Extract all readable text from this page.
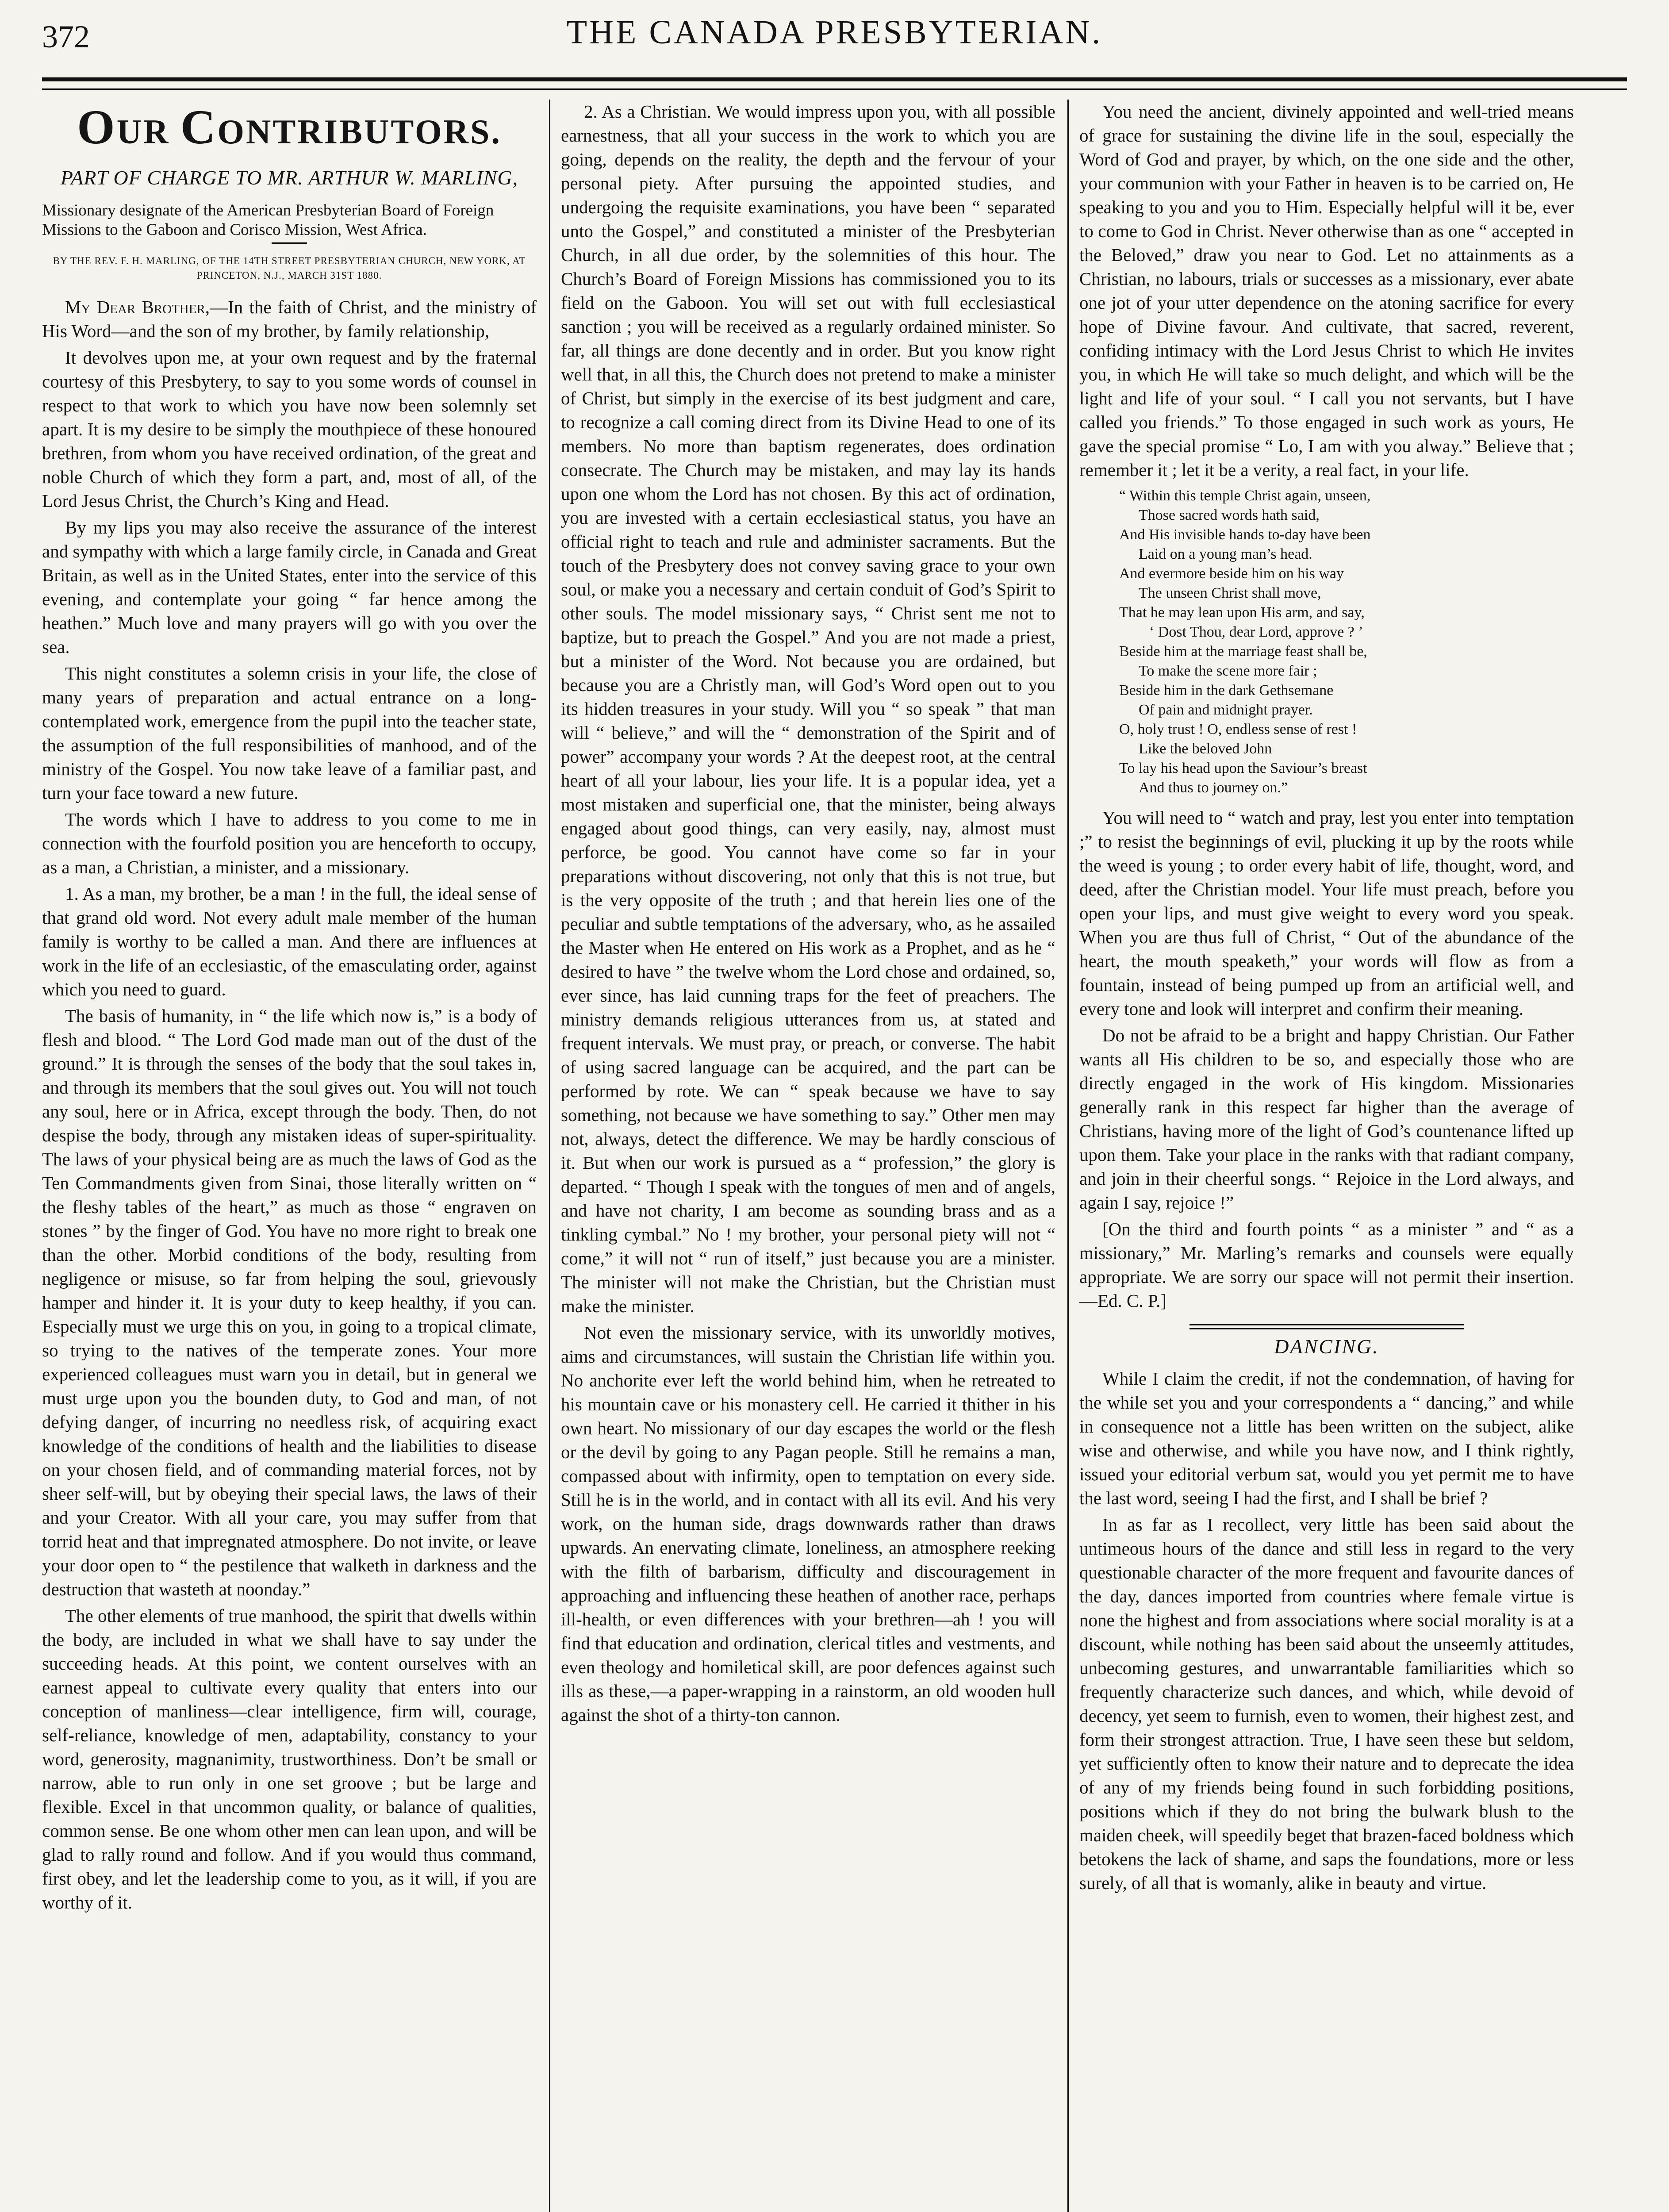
372	THE CANADA PRESBYTERIAN.
OUR CONTRIBUTORS.
PART OF CHARGE TO MR. ARTHUR W. MARLING,

Missionary designate of the American Presbyterian Board of Foreign Missions to the Gaboon and Corisco Mission, West Africa.

BY THE REV. F. H. MARLING, OF THE 14TH STREET PRESBYTERIAN CHURCH, NEW YORK, AT PRINCETON, N.J., MARCH 31ST 1880.

My Dear Brother,—In the faith of Christ, and the ministry of His Word—and the son of my brother, by family relationship,

It devolves upon me, at your own request and by the fraternal courtesy of this Presbytery, to say to you some words of counsel in respect to that work to which you have now been solemnly set apart. It is my desire to be simply the mouthpiece of these honoured brethren, from whom you have received ordination, of the great and noble Church of which they form a part, and, most of all, of the Lord Jesus Christ, the Church’s King and Head.

By my lips you may also receive the assurance of the interest and sympathy with which a large family circle, in Canada and Great Britain, as well as in the United States, enter into the service of this evening, and contemplate your going “ far hence among the heathen.” Much love and many prayers will go with you over the sea.

This night constitutes a solemn crisis in your life, the close of many years of preparation and actual entrance on a long-contemplated work, emergence from the pupil into the teacher state, the assumption of the full responsibilities of manhood, and of the ministry of the Gospel. You now take leave of a familiar past, and turn your face toward a new future.

The words which I have to address to you come to me in connection with the fourfold position you are henceforth to occupy, as a man, a Christian, a minister, and a missionary.

1. As a man, my brother, be a man ! in the full, the ideal sense of that grand old word. Not every adult male member of the human family is worthy to be called a man. And there are influences at work in the life of an ecclesiastic, of the emasculating order, against which you need to guard.

The basis of humanity, in “ the life which now is,” is a body of flesh and blood. “ The Lord God made man out of the dust of the ground.” It is through the senses of the body that the soul takes in, and through its members that the soul gives out. You will not touch any soul, here or in Africa, except through the body. Then, do not despise the body, through any mistaken ideas of super-spirituality. The laws of your physical being are as much the laws of God as the Ten Commandments given from Sinai, those literally written on “ the fleshy tables of the heart,” as much as those “ engraven on stones ” by the finger of God. You have no more right to break one than the other. Morbid conditions of the body, resulting from negligence or misuse, so far from helping the soul, grievously hamper and hinder it. It is your duty to keep healthy, if you can. Especially must we urge this on you, in going to a tropical climate, so trying to the natives of the temperate zones. Your more experienced colleagues must warn you in detail, but in general we must urge upon you the bounden duty, to God and man, of not defying danger, of incurring no needless risk, of acquiring exact knowledge of the conditions of health and the liabilities to disease on your chosen field, and of commanding material forces, not by sheer self-will, but by obeying their special laws, the laws of their and your Creator. With all your care, you may suffer from that torrid heat and that impregnated atmosphere. Do not invite, or leave your door open to “ the pestilence that walketh in darkness and the destruction that wasteth at noonday.”

The other elements of true manhood, the spirit that dwells within the body, are included in what we shall have to say under the succeeding heads. At this point, we content ourselves with an earnest appeal to cultivate every quality that enters into our conception of manliness—clear intelligence, firm will, courage, self-reliance, knowledge of men, adaptability, constancy to your word, generosity, magnanimity, trustworthiness. Don’t be small or narrow, able to run only in one set groove ; but be large and flexible. Excel in that uncommon quality, or balance of qualities, common sense. Be one whom other men can lean upon, and will be glad to rally round and follow. And if you would thus command, first obey, and let the leadership come to you, as it will, if you are worthy of it.

2. As a Christian. We would impress upon you, with all possible earnestness, that all your success in the work to which you are going, depends on the reality, the depth and the fervour of your personal piety. After pursuing the appointed studies, and undergoing the requisite examinations, you have been “ separated unto the Gospel,” and constituted a minister of the Presbyterian Church, in all due order, by the solemnities of this hour. The Church’s Board of Foreign Missions has commissioned you to its field on the Gaboon. You will set out with full ecclesiastical sanction ; you will be received as a regularly ordained minister. So far, all things are done decently and in order. But you know right well that, in all this, the Church does not pretend to make a minister of Christ, but simply in the exercise of its best judgment and care, to recognize a call coming direct from its Divine Head to one of its members. No more than baptism regenerates, does ordination consecrate. The Church may be mistaken, and may lay its hands upon one whom the Lord has not chosen. By this act of ordination, you are invested with a certain ecclesiastical status, you have an official right to teach and rule and administer sacraments. But the touch of the Presbytery does not convey saving grace to your own soul, or make you a necessary and certain conduit of God’s Spirit to other souls. The model missionary says, “ Christ sent me not to baptize, but to preach the Gospel.” And you are not made a priest, but a minister of the Word. Not because you are ordained, but because you are a Christly man, will God’s Word open out to you its hidden treasures in your study. Will you “ so speak ” that man will “ believe,” and will the “ demonstration of the Spirit and of power” accompany your words ? At the deepest root, at the central heart of all your labour, lies your life. It is a popular idea, yet a most mistaken and superficial one, that the minister, being always engaged about good things, can very easily, nay, almost must perforce, be good. You cannot have come so far in your preparations without discovering, not only that this is not true, but is the very opposite of the truth ; and that herein lies one of the peculiar and subtle temptations of the adversary, who, as he assailed the Master when He entered on His work as a Prophet, and as he “ desired to have ” the twelve whom the Lord chose and ordained, so, ever since, has laid cunning traps for the feet of preachers. The ministry demands religious utterances from us, at stated and frequent intervals. We must pray, or preach, or converse. The habit of using sacred language can be acquired, and the part can be performed by rote. We can “ speak because we have to say something, not because we have something to say.” Other men may not, always, detect the difference. We may be hardly conscious of it. But when our work is pursued as a “ profession,” the glory is departed. “ Though I speak with the tongues of men and of angels, and have not charity, I am become as sounding brass and as a tinkling cymbal.” No ! my brother, your personal piety will not “ come,” it will not “ run of itself,” just because you are a minister. The minister will not make the Christian, but the Christian must make the minister.

Not even the missionary service, with its unworldly motives, aims and circumstances, will sustain the Christian life within you. No anchorite ever left the world behind him, when he retreated to his mountain cave or his monastery cell. He carried it thither in his own heart. No missionary of our day escapes the world or the flesh or the devil by going to any Pagan people. Still he remains a man, compassed about with infirmity, open to temptation on every side. Still he is in the world, and in contact with all its evil. And his very work, on the human side, drags downwards rather than draws upwards. An enervating climate, loneliness, an atmosphere reeking with the filth of barbarism, difficulty and discouragement in approaching and influencing these heathen of another race, perhaps ill-health, or even differences with your brethren—ah ! you will find that education and ordination, clerical titles and vestments, and even theology and homiletical skill, are poor defences against such ills as these,—a paper-wrapping in a rainstorm, an old wooden hull against the shot of a thirty-ton cannon.

You need the ancient, divinely appointed and well-tried means of grace for sustaining the divine life in the soul, especially the Word of God and prayer, by which, on the one side and the other, your communion with your Father in heaven is to be carried on, He speaking to you and you to Him. Especially helpful will it be, ever to come to God in Christ. Never otherwise than as one “ accepted in the Beloved,” draw you near to God. Let no attainments as a Christian, no labours, trials or successes as a missionary, ever abate one jot of your utter dependence on the atoning sacrifice for every hope of Divine favour. And cultivate, that sacred, reverent, confiding intimacy with the Lord Jesus Christ to which He invites you, in which He will take so much delight, and which will be the light and life of your soul. “ I call you not servants, but I have called you friends.” To those engaged in such work as yours, He gave the special promise “ Lo, I am with you alway.” Believe that ; remember it ; let it be a verity, a real fact, in your life.

“ Within this temple Christ again, unseen,
Those sacred words hath said,
And His invisible hands to-day have been
Laid on a young man’s head.
And evermore beside him on his way
The unseen Christ shall move,
That he may lean upon His arm, and say,
‘ Dost Thou, dear Lord, approve ? ’
Beside him at the marriage feast shall be,
To make the scene more fair ;
Beside him in the dark Gethsemane
Of pain and midnight prayer.
O, holy trust ! O, endless sense of rest !
Like the beloved John
To lay his head upon the Saviour’s breast
And thus to journey on.”

You will need to “ watch and pray, lest you enter into temptation ;” to resist the beginnings of evil, plucking it up by the roots while the weed is young ; to order every habit of life, thought, word, and deed, after the Christian model. Your life must preach, before you open your lips, and must give weight to every word you speak. When you are thus full of Christ, “ Out of the abundance of the heart, the mouth speaketh,” your words will flow as from a fountain, instead of being pumped up from an artificial well, and every tone and look will interpret and confirm their meaning.

Do not be afraid to be a bright and happy Christian. Our Father wants all His children to be so, and especially those who are directly engaged in the work of His kingdom. Missionaries generally rank in this respect far higher than the average of Christians, having more of the light of God’s countenance lifted up upon them. Take your place in the ranks with that radiant company, and join in their cheerful songs. “ Rejoice in the Lord always, and again I say, rejoice !”

[On the third and fourth points “ as a minister ” and “ as a missionary,” Mr. Marling’s remarks and counsels were equally appropriate. We are sorry our space will not permit their insertion.—Ed. C. P.]

DANCING.

While I claim the credit, if not the condemnation, of having for the while set you and your correspondents a “ dancing,” and while in consequence not a little has been written on the subject, alike wise and otherwise, and while you have now, and I think rightly, issued your editorial verbum sat, would you yet permit me to have the last word, seeing I had the first, and I shall be brief ?

In as far as I recollect, very little has been said about the untimeous hours of the dance and still less in regard to the very questionable character of the more frequent and favourite dances of the day, dances imported from countries where female virtue is none the highest and from associations where social morality is at a discount, while nothing has been said about the unseemly attitudes, unbecoming gestures, and unwarrantable familiarities which so frequently characterize such dances, and which, while devoid of decency, yet seem to furnish, even to women, their highest zest, and form their strongest attraction. True, I have seen these but seldom, yet sufficiently often to know their nature and to deprecate the idea of any of my friends being found in such forbidding positions, positions which if they do not bring the bulwark blush to the maiden cheek, will speedily beget that brazen-faced boldness which betokens the lack of shame, and saps the foundations, more or less surely, of all that is womanly, alike in beauty and virtue.
